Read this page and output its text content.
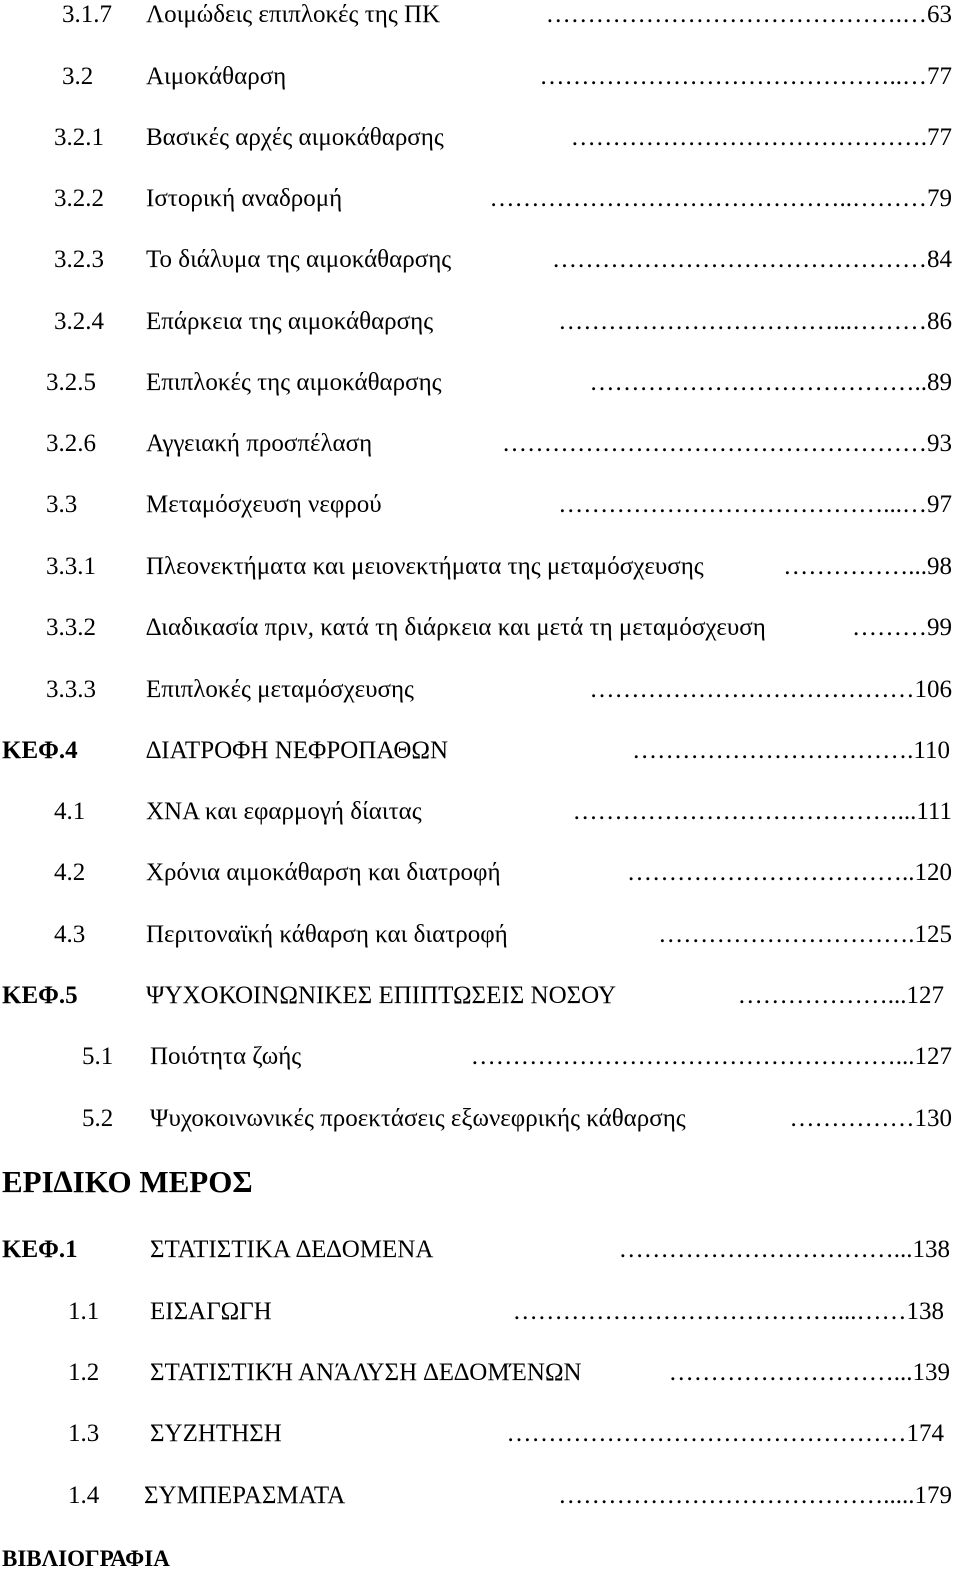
3.1.7 Λοιμώδεις επιπλοκές της ΠΚ	…………………………………….…63
3.2 Αιμοκάθαρση	……………………………………..…77
3.2.1 Βασικές αρχές αιμοκάθαρσης	…………………………………….77
3.2.2 Ιστορική αναδρομή	……………………………………..………79
3.2.3 Το διάλυμα της αιμοκάθαρσης	………………………………………84
3.2.4 Επάρκεια της αιμοκάθαρσης	……………………………...………86
3.2.5 Επιπλοκές της αιμοκάθαρσης	…………………………………..89
3.2.6 Αγγειακή προσπέλαση	……………………………………………93
3.3	Μεταμόσχευση νεφρού	…………………………………...…97
3.3.1 Πλεονεκτήματα και μειονεκτήματα της μεταμόσχευσης	……………...98
3.3.2 ∆ιαδικασία πριν, κατά τη διάρκεια και μετά τη μεταμόσχευση	………99
3.3.3 Επιπλοκές μεταμόσχευσης	…………………………………106
ΚΕΦ.4	∆ΙΑΤΡΟΦΗ ΝΕΦΡΟΠΑΘΩΝ	…………………………….110
4.1 ΧΝΑ και εφαρμογή δίαιτας	…………………………………...111
4.2 Χρόνια αιμοκάθαρση και διατροφή	……………………………..120
4.3 Περιτοναϊκή κάθαρση και διατροφή	………………………….125
ΚΕΦ.5	ΨΥΧΟΚΟΙΝΩΝΙΚΕΣ ΕΠΙΠΤΩΣΕΙΣ ΝΟΣΟΥ	………………...127
5.1 Ποιότητα ζωής	……………………………………………...127
5.2 Ψυχοκοινωνικές προεκτάσεις εξωνεφρικής κάθαρσης	……………130
ΕΡΙ∆ΙΚΟ ΜΕΡΟΣ
ΚΕΦ.1	ΣΤΑΤΙΣΤΙΚΑ ∆Ε∆ΟΜΕΝΑ	……………………………...138
1.1 ΕΙΣΑΓΩΓΗ	…………………………………...……138
1.2 ΣΤΑΤΙΣΤΙΚΉ ΑΝΆΛΥΣΗ ∆Ε∆ΟΜΈΝΩΝ	………………………...139
1.3 ΣΥΖΗΤΗΣΗ	…………………………………………174
1.4 ΣΥΜΠΕΡΑΣΜΑΤΑ	………………………………….....179
ΒΙΒΛΙΟΓΡΑΦΙΑ
